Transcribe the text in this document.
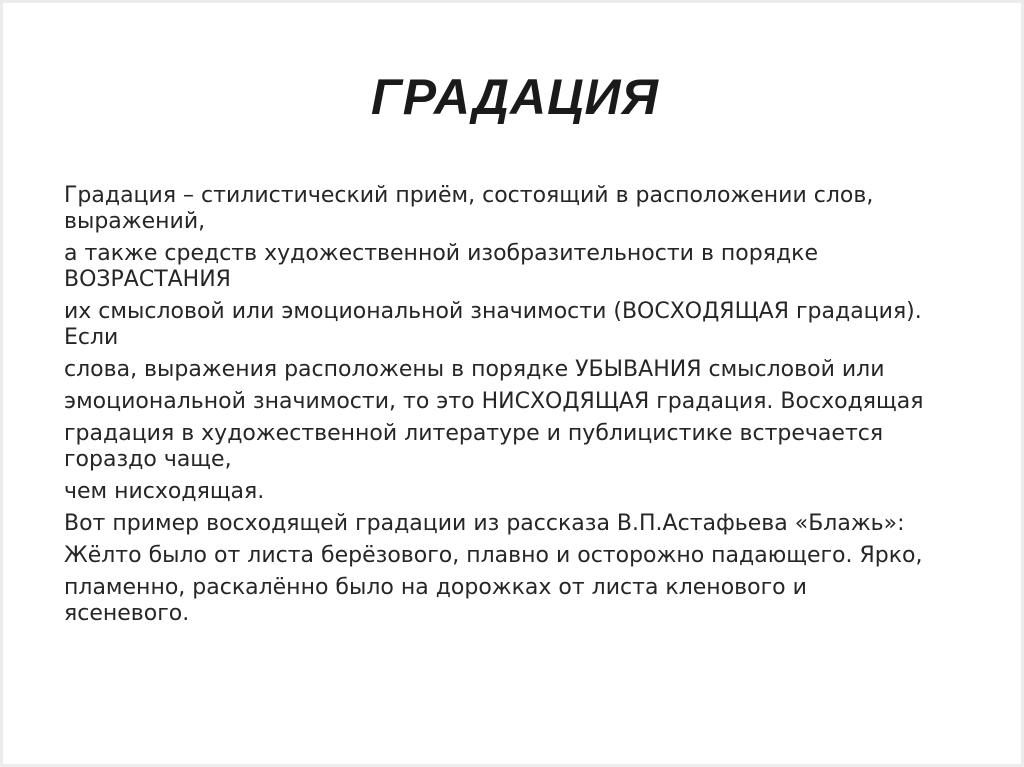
ГРАДАЦИЯ

Градация – стилистический приём, состоящий в расположении слов,
выражений,

а также средств художественной изобразительности в порядке
ВОЗРАСТАНИЯ

их смысловой или эмоциональной значимости (ВОСХОДЯЩАЯ градация).
Если

слова, выражения расположены в порядке УБЫВАНИЯ смысловой или

эмоциональной значимости, то это НИСХОДЯЩАЯ градация. Восходящая

градация в художественной литературе и публицистике встречается
гораздо чаще,

чем нисходящая.

Вот пример восходящей градации из рассказа В.П.Астафьева «Блажь»:

Жёлто было от листа берёзового, плавно и осторожно падающего. Ярко,

пламенно, раскалённо было на дорожках от листа кленового и
ясеневого.
